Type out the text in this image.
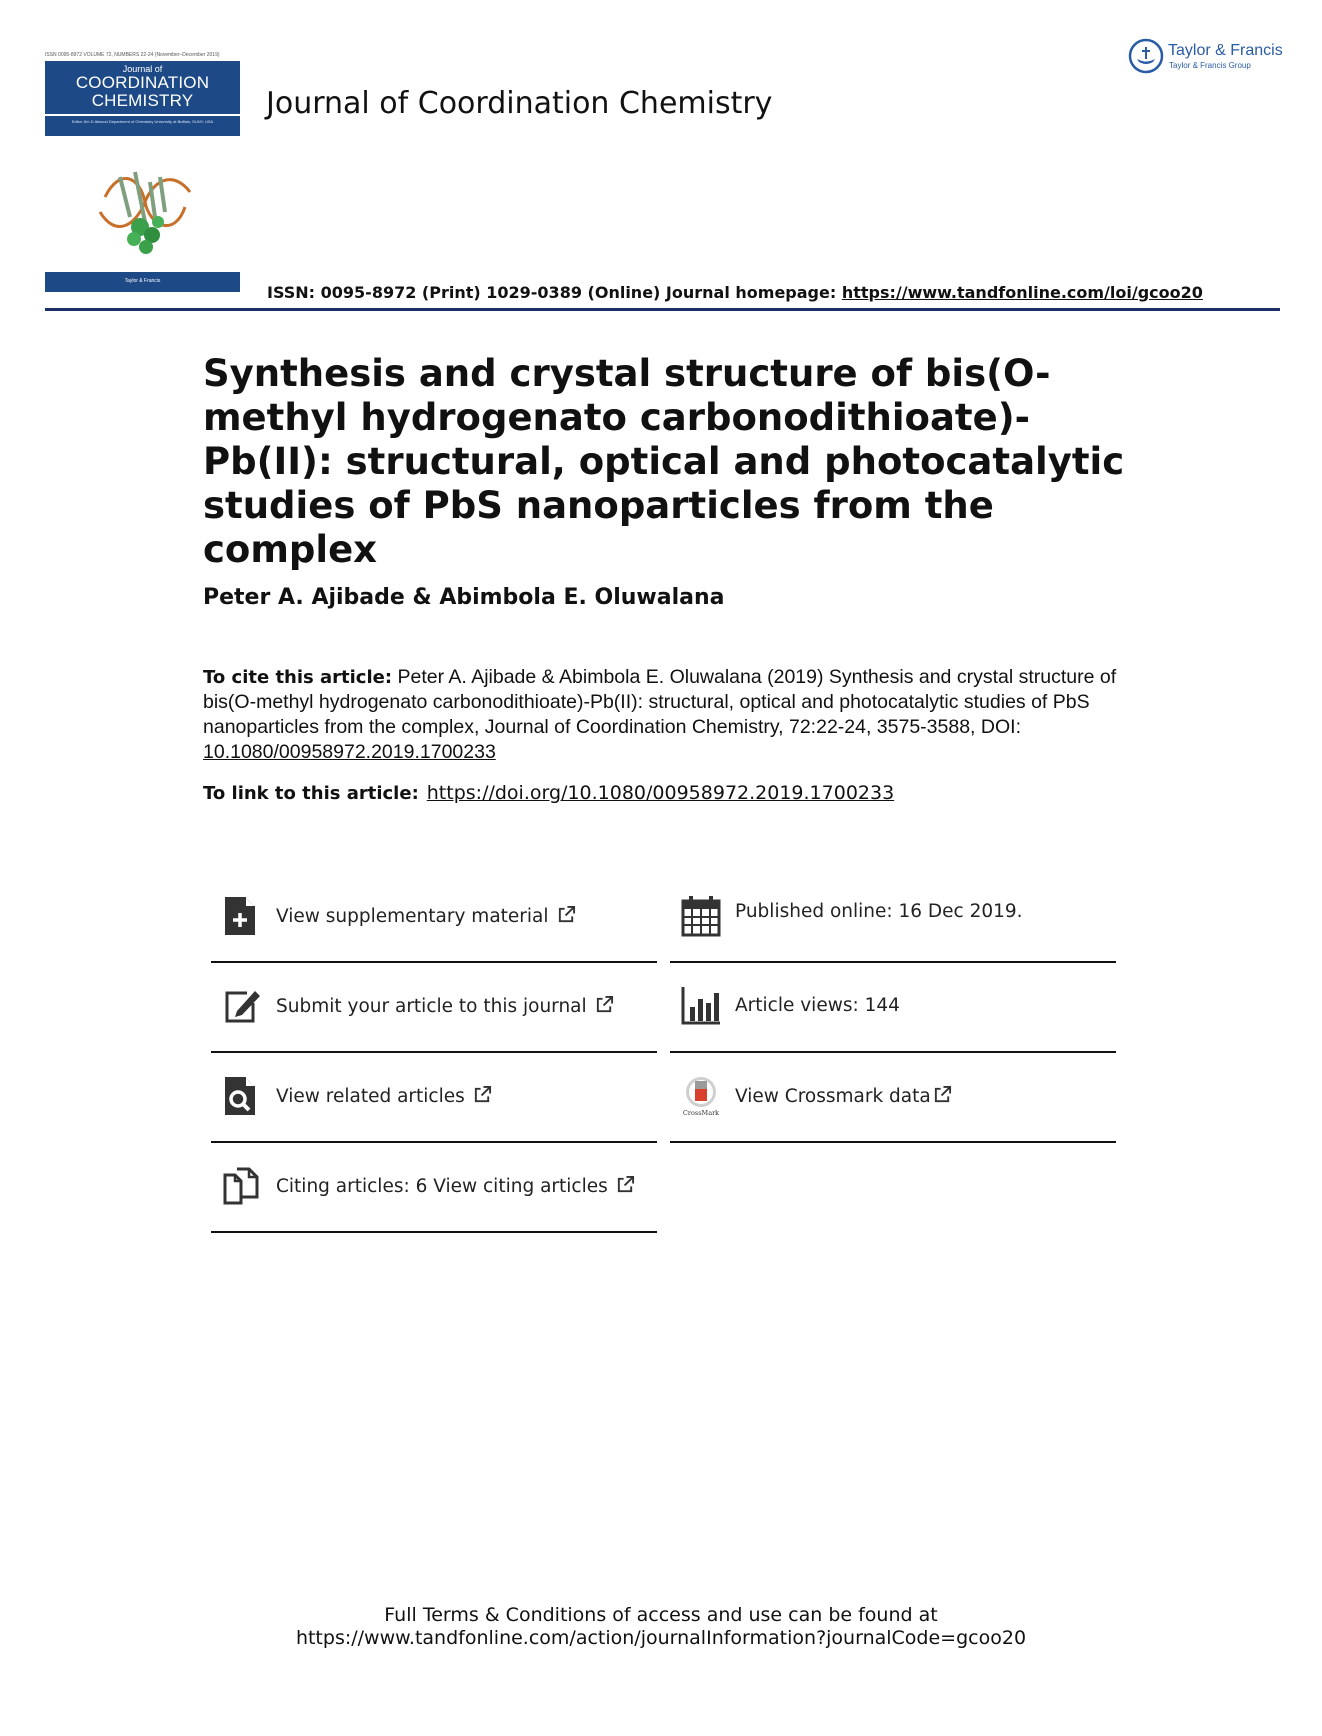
ISSN 0095-8972 VOLUME 72, NUMBERS 22-24 (November–December 2019)
Journal of
COORDINATION
CHEMISTRY
Editor Jim D Atwood Department of Chemistry University at Buffalo, SUNY, USA
Taylor & Francis
Journal of Coordination Chemistry
Taylor & Francis
Taylor & Francis Group
ISSN: 0095-8972 (Print) 1029-0389 (Online) Journal homepage: https://www.tandfonline.com/loi/gcoo20
Synthesis and crystal structure of bis(O-methyl hydrogenato carbonodithioate)-Pb(II): structural, optical and photocatalytic studies of PbS nanoparticles from the complex
Peter A. Ajibade & Abimbola E. Oluwalana
To cite this article: Peter A. Ajibade & Abimbola E. Oluwalana (2019) Synthesis and crystal structure of bis(O-methyl hydrogenato carbonodithioate)-Pb(II): structural, optical and photocatalytic studies of PbS nanoparticles from the complex, Journal of Coordination Chemistry, 72:22-24, 3575-3588, DOI: 10.1080/00958972.2019.1700233
To link to this article: https://doi.org/10.1080/00958972.2019.1700233
View supplementary material	Published online: 16 Dec 2019.
Submit your article to this journal	Article views: 144
View related articles
CrossMark
View Crossmark data
Citing articles: 6 View citing articles
Full Terms & Conditions of access and use can be found at
https://www.tandfonline.com/action/journalInformation?journalCode=gcoo20
